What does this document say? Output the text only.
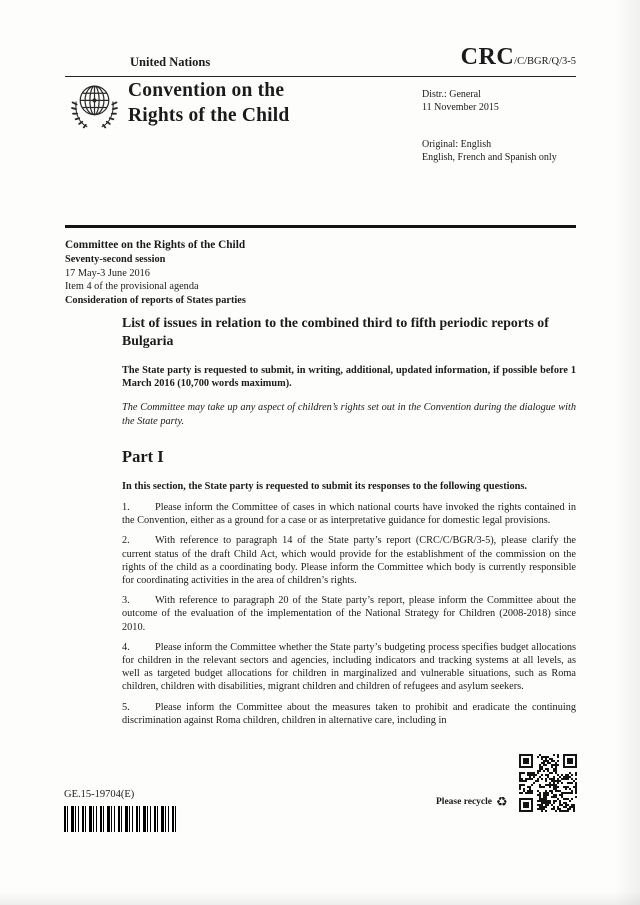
United Nations	CRC/C/BGR/Q/3-5
Convention on the
Rights of the Child
Distr.: General
11 November 2015
Original: English
English, French and Spanish only
Committee on the Rights of the Child
Seventy-second session
17 May-3 June 2016
Item 4 of the provisional agenda
Consideration of reports of States parties
List of issues in relation to the combined third to fifth periodic reports of Bulgaria

The State party is requested to submit, in writing, additional, updated information, if possible before 1 March 2016 (10,700 words maximum).

The Committee may take up any aspect of children’s rights set out in the Convention during the dialogue with the State party.

Part I

In this section, the State party is requested to submit its responses to the following questions.

1. Please inform the Committee of cases in which national courts have invoked the rights contained in the Convention, either as a ground for a case or as interpretative guidance for domestic legal provisions.

2. With reference to paragraph 14 of the State party’s report (CRC/C/BGR/3-5), please clarify the current status of the draft Child Act, which would provide for the establishment of the commission on the rights of the child as a coordinating body. Please inform the Committee which body is currently responsible for coordinating activities in the area of children’s rights.

3. With reference to paragraph 20 of the State party’s report, please inform the Committee about the outcome of the evaluation of the implementation of the National Strategy for Children (2008-2018) since 2010.

4. Please inform the Committee whether the State party’s budgeting process specifies budget allocations for children in the relevant sectors and agencies, including indicators and tracking systems at all levels, as well as targeted budget allocations for children in marginalized and vulnerable situations, such as Roma children, children with disabilities, migrant children and children of refugees and asylum seekers.

5. Please inform the Committee about the measures taken to prohibit and eradicate the continuing discrimination against Roma children, children in alternative care, including in

GE.15-19704(E)
Please recycle ♻
